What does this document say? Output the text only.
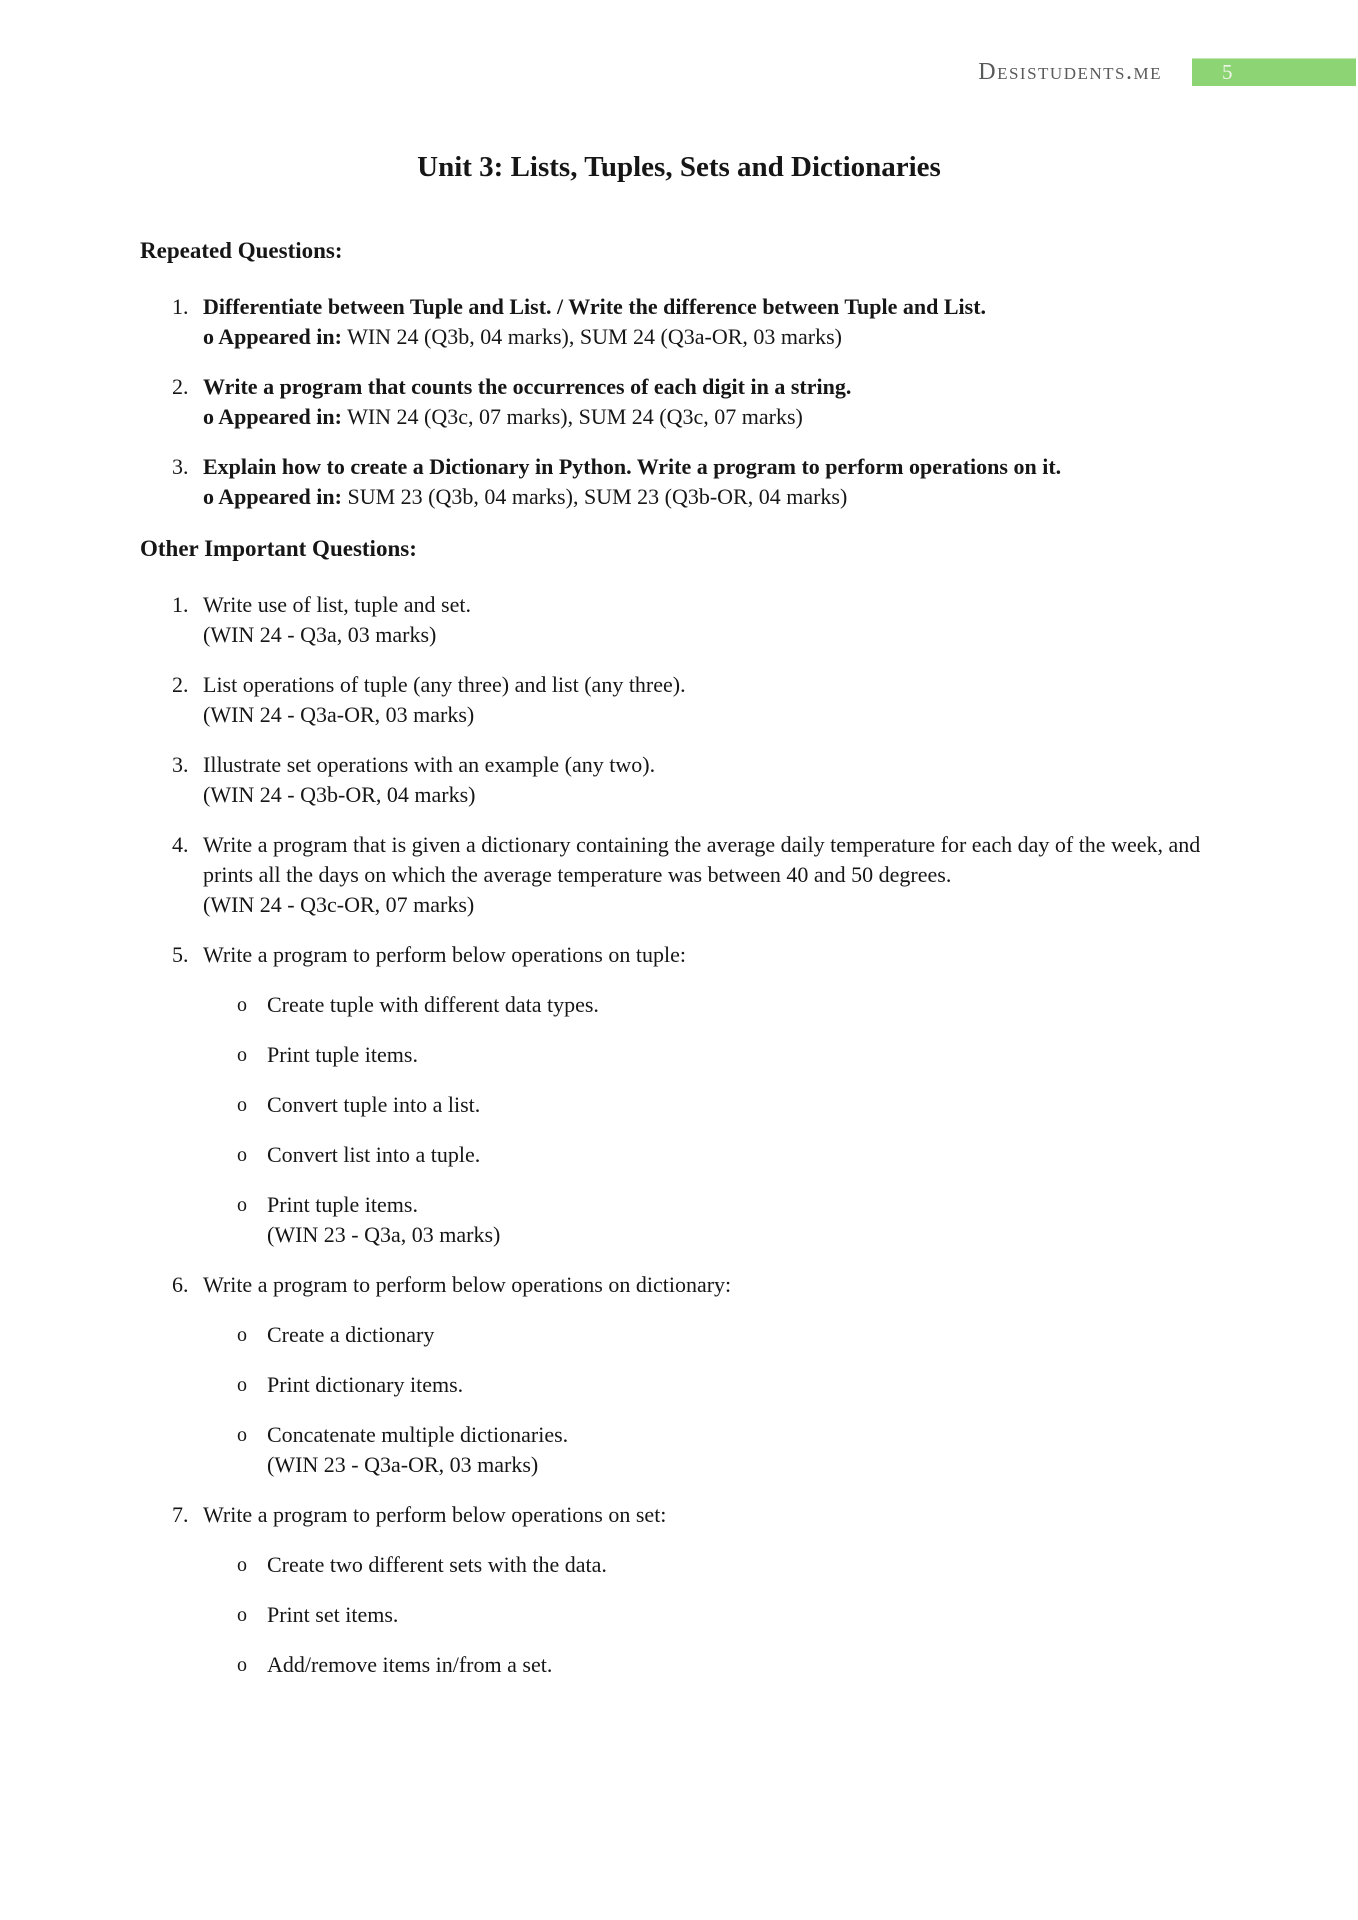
Desistudents.me	5
Unit 3: Lists, Tuples, Sets and Dictionaries
Repeated Questions:
1. Differentiate between Tuple and List. / Write the difference between Tuple and List.

o Appeared in: WIN 24 (Q3b, 04 marks), SUM 24 (Q3a-OR, 03 marks)

2. Write a program that counts the occurrences of each digit in a string.

o Appeared in: WIN 24 (Q3c, 07 marks), SUM 24 (Q3c, 07 marks)

3. Explain how to create a Dictionary in Python. Write a program to perform operations on it.

o Appeared in: SUM 23 (Q3b, 04 marks), SUM 23 (Q3b-OR, 04 marks)

Other Important Questions:
1. Write use of list, tuple and set.

(WIN 24 - Q3a, 03 marks)

2. List operations of tuple (any three) and list (any three).

(WIN 24 - Q3a-OR, 03 marks)

3. Illustrate set operations with an example (any two).

(WIN 24 - Q3b-OR, 04 marks)

4. Write a program that is given a dictionary containing the average daily temperature for each day of the week, and prints all the days on which the average temperature was between 40 and 50 degrees.

(WIN 24 - Q3c-OR, 07 marks)

5. Write a program to perform below operations on tuple:

o Create tuple with different data types.

o Print tuple items.

o Convert tuple into a list.

o Convert list into a tuple.

o Print tuple items.

(WIN 23 - Q3a, 03 marks)

6. Write a program to perform below operations on dictionary:

o Create a dictionary

o Print dictionary items.

o Concatenate multiple dictionaries.

(WIN 23 - Q3a-OR, 03 marks)

7. Write a program to perform below operations on set:

o Create two different sets with the data.

o Print set items.

o Add/remove items in/from a set.
